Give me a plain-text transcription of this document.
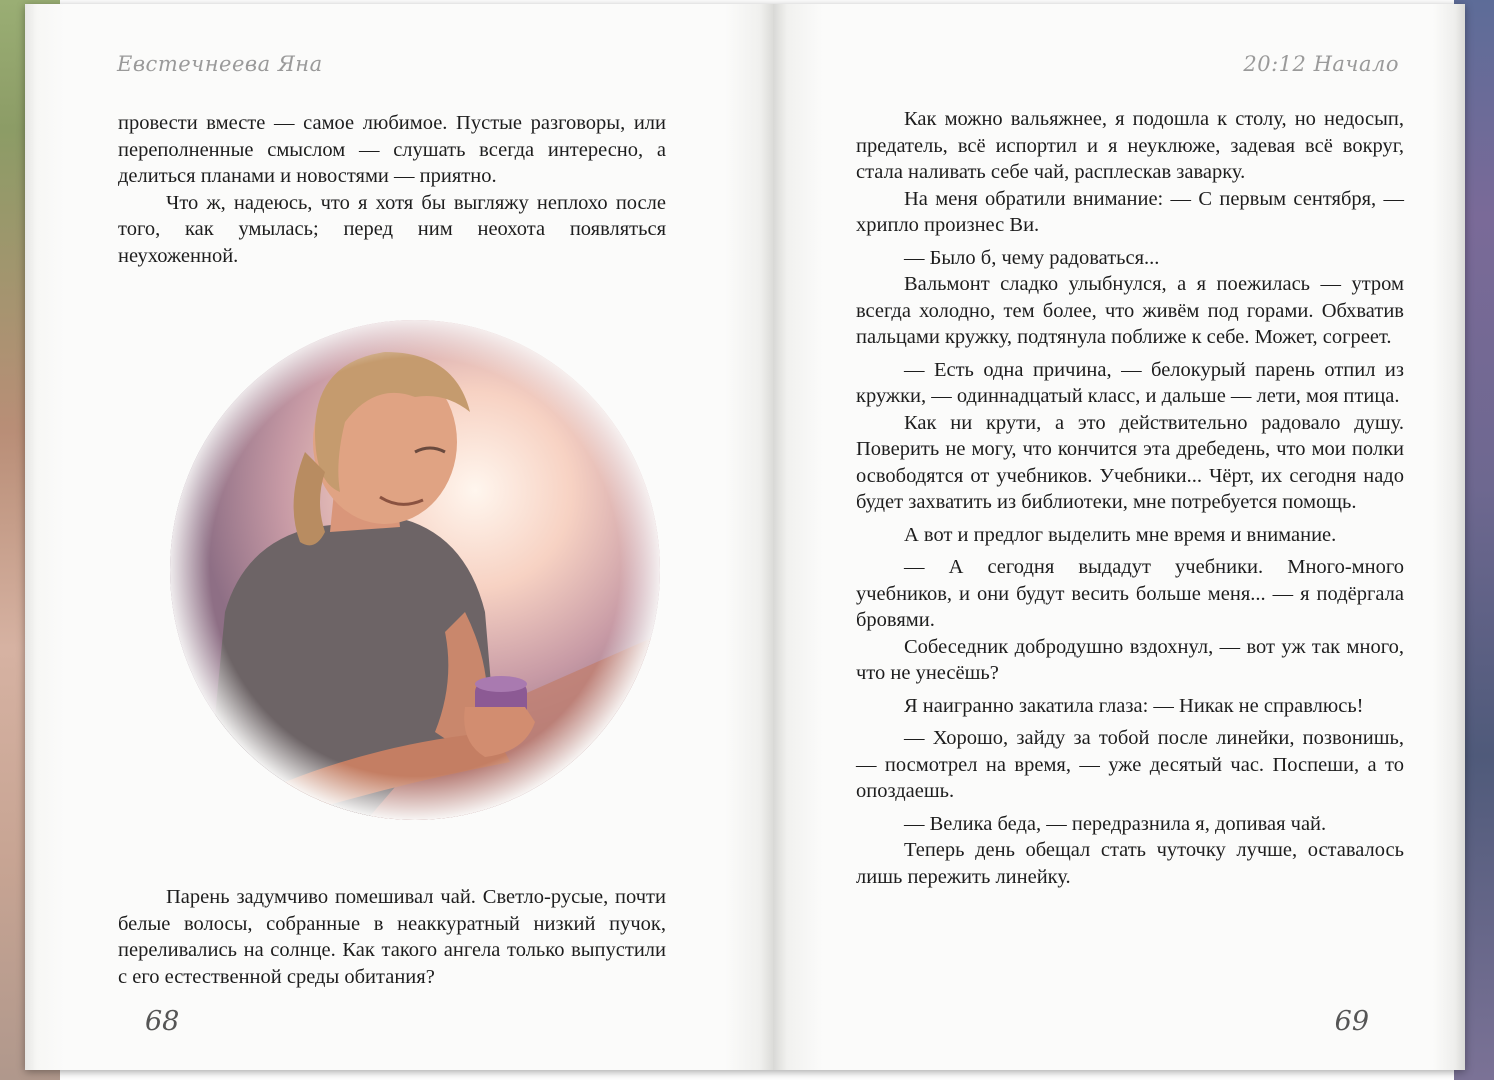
Евстечнеева Яна

провести вместе — самое любимое. Пустые разговоры, или переполненные смыслом — слушать всегда интересно, а делиться планами и новостями — приятно.

Что ж, надеюсь, что я хотя бы выгляжу неплохо после того, как умылась; перед ним неохота появляться неухоженной.

Парень задумчиво помешивал чай. Светло-русые, почти белые волосы, собранные в неаккуратный низкий пучок, переливались на солнце. Как такого ангела только выпустили с его естественной среды обитания?

68
20:12 Начало

Как можно вальяжнее, я подошла к столу, но недосып, предатель, всё испортил и я неуклюже, задевая всё вокруг, стала наливать себе чай, расплескав заварку.

На меня обратили внимание: — С первым сентября, — хрипло произнес Ви.

— Было б, чему радоваться...

Вальмонт сладко улыбнулся, а я поежилась — утром всегда холодно, тем более, что живём под горами. Обхватив пальцами кружку, подтянула поближе к себе. Может, согреет.

— Есть одна причина, — белокурый парень отпил из кружки, — одиннадцатый класс, и дальше — лети, моя птица.

Как ни крути, а это действительно радовало душу. Поверить не могу, что кончится эта дребедень, что мои полки освободятся от учебников. Учебники... Чёрт, их сегодня надо будет захватить из библиотеки, мне потребуется помощь.

А вот и предлог выделить мне время и внимание.

— А сегодня выдадут учебники. Много-много учебников, и они будут весить больше меня... — я подёргала бровями.

Собеседник добродушно вздохнул, — вот уж так много, что не унесёшь?

Я наигранно закатила глаза: — Никак не справлюсь!

— Хорошо, зайду за тобой после линейки, позвонишь, — посмотрел на время, — уже десятый час. Поспеши, а то опоздаешь.

— Велика беда, — передразнила я, допивая чай.

Теперь день обещал стать чуточку лучше, оставалось лишь пережить линейку.

69
